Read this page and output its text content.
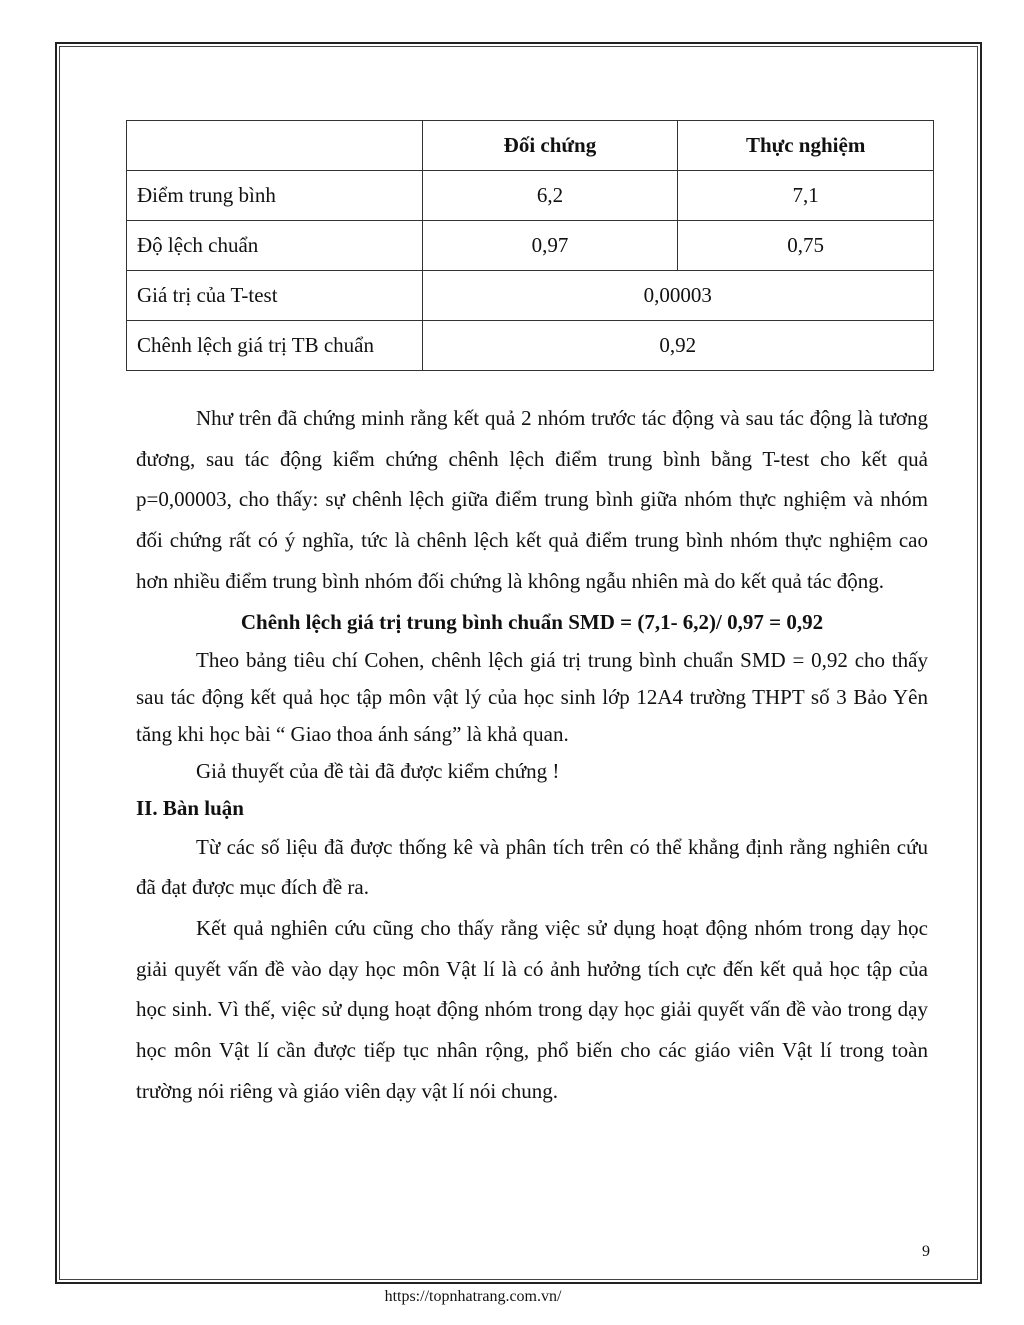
	Đối chứng	Thực nghiệm
Điểm trung bình	6,2	7,1
Độ lệch chuẩn	0,97	0,75
Giá trị của T-test	0,00003	
Chênh lệch giá trị TB chuẩn	0,92	

Như trên đã chứng minh rằng kết quả 2 nhóm trước tác động và sau tác động là tương đương, sau tác động kiểm chứng chênh lệch điểm trung bình bằng T-test cho kết quả p=0,00003, cho thấy: sự chênh lệch giữa điểm trung bình giữa nhóm thực nghiệm và nhóm đối chứng rất có ý nghĩa, tức là chênh lệch kết quả điểm trung bình nhóm thực nghiệm cao hơn nhiều điểm trung bình nhóm đối chứng là không ngẫu nhiên mà do kết quả tác động.

Chênh lệch giá trị trung bình chuẩn SMD = (7,1- 6,2)/ 0,97 = 0,92

Theo bảng tiêu chí Cohen, chênh lệch giá trị trung bình chuẩn SMD = 0,92 cho thấy sau tác động kết quả học tập môn vật lý của học sinh lớp 12A4 trường THPT số 3 Bảo Yên tăng khi học bài “ Giao thoa ánh sáng” là khả quan.

Giả thuyết của đề tài đã được kiểm chứng !

II. Bàn luận

Từ các số liệu đã được thống kê và phân tích trên có thể khẳng định rằng nghiên cứu đã đạt được mục đích đề ra.

Kết quả nghiên cứu cũng cho thấy rằng việc sử dụng hoạt động nhóm trong dạy học giải quyết vấn đề vào dạy học môn Vật lí là có ảnh hưởng tích cực đến kết quả học tập của học sinh. Vì thế, việc sử dụng hoạt động nhóm trong dạy học giải quyết vấn đề vào trong dạy học môn Vật lí cần được tiếp tục nhân rộng, phổ biến cho các giáo viên Vật lí trong toàn trường nói riêng và giáo viên dạy vật lí nói chung.

9
https://topnhatrang.com.vn/
